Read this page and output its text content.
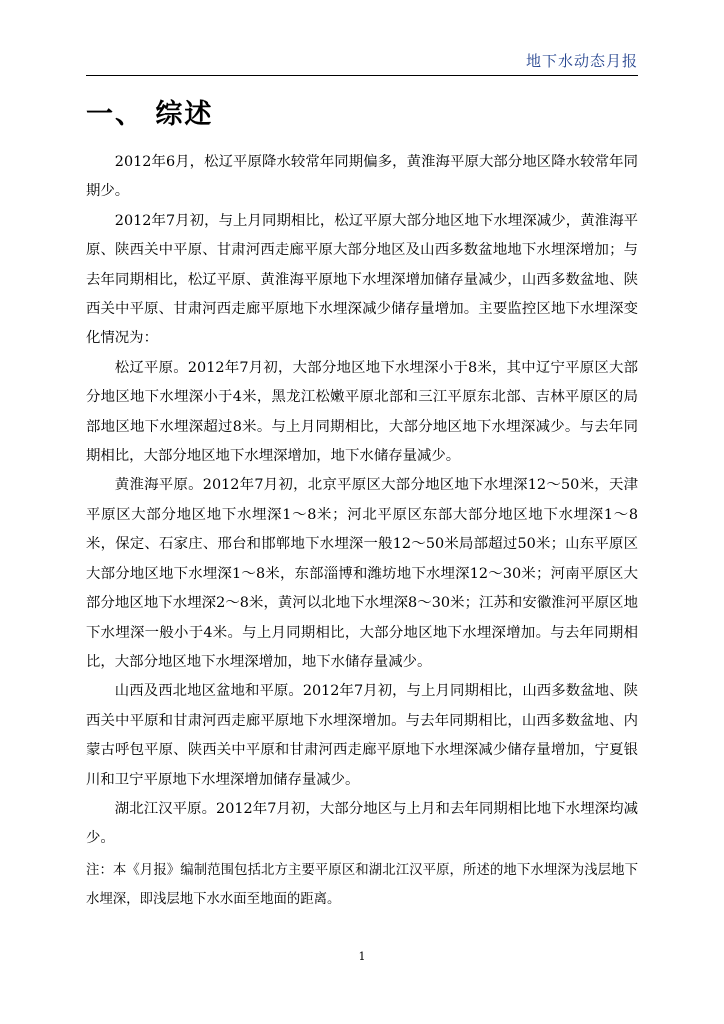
地下水动态月报
一、 综述

2012年6月，松辽平原降水较常年同期偏多，黄淮海平原大部分地区降水较常年同期少。

2012年7月初，与上月同期相比，松辽平原大部分地区地下水埋深减少，黄淮海平原、陕西关中平原、甘肃河西走廊平原大部分地区及山西多数盆地地下水埋深增加；与去年同期相比，松辽平原、黄淮海平原地下水埋深增加储存量减少，山西多数盆地、陕西关中平原、甘肃河西走廊平原地下水埋深减少储存量增加。主要监控区地下水埋深变化情况为：

松辽平原。2012年7月初，大部分地区地下水埋深小于8米，其中辽宁平原区大部分地区地下水埋深小于4米，黑龙江松嫩平原北部和三江平原东北部、吉林平原区的局部地区地下水埋深超过8米。与上月同期相比，大部分地区地下水埋深减少。与去年同期相比，大部分地区地下水埋深增加，地下水储存量减少。

黄淮海平原。2012年7月初，北京平原区大部分地区地下水埋深12～50米，天津平原区大部分地区地下水埋深1～8米；河北平原区东部大部分地区地下水埋深1～8米，保定、石家庄、邢台和邯郸地下水埋深一般12～50米局部超过50米；山东平原区大部分地区地下水埋深1～8米，东部淄博和潍坊地下水埋深12～30米；河南平原区大部分地区地下水埋深2～8米，黄河以北地下水埋深8～30米；江苏和安徽淮河平原区地下水埋深一般小于4米。与上月同期相比，大部分地区地下水埋深增加。与去年同期相比，大部分地区地下水埋深增加，地下水储存量减少。

山西及西北地区盆地和平原。2012年7月初，与上月同期相比，山西多数盆地、陕西关中平原和甘肃河西走廊平原地下水埋深增加。与去年同期相比，山西多数盆地、内蒙古呼包平原、陕西关中平原和甘肃河西走廊平原地下水埋深减少储存量增加，宁夏银川和卫宁平原地下水埋深增加储存量减少。

湖北江汉平原。2012年7月初，大部分地区与上月和去年同期相比地下水埋深均减少。

注：本《月报》编制范围包括北方主要平原区和湖北江汉平原，所述的地下水埋深为浅层地下水埋深，即浅层地下水水面至地面的距离。

1
